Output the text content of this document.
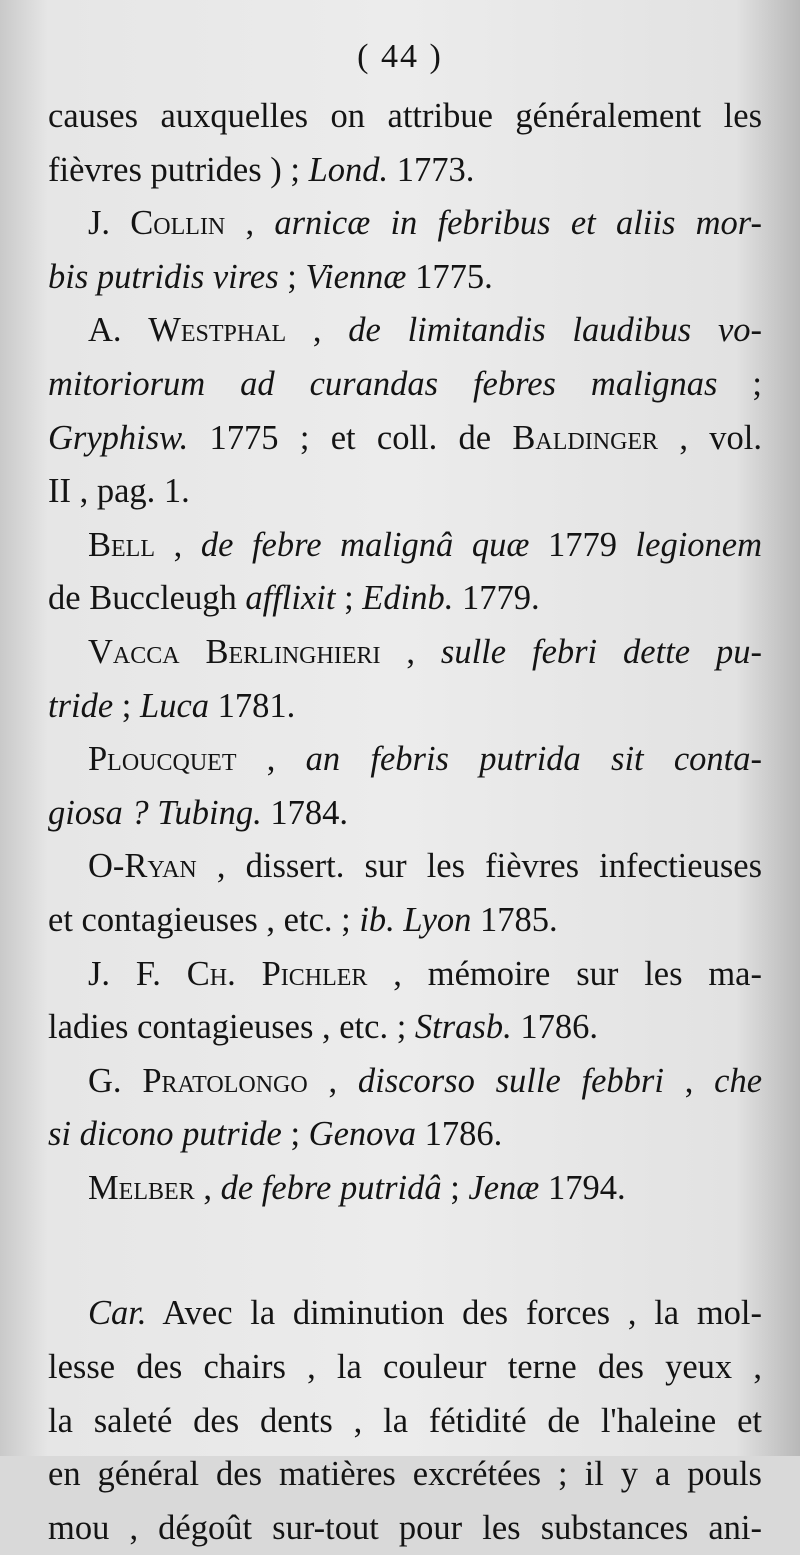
( 44 )
causes auxquelles on attribue généralement les
fièvres putrides ) ; Lond. 1773.
J. Collin , arnicæ in febribus et aliis mor-
bis putridis vires ; Viennæ 1775.
A. Westphal , de limitandis laudibus vo-
mitoriorum ad curandas febres malignas ;
Gryphisw. 1775 ; et coll. de Baldinger , vol.
II , pag. 1.
Bell , de febre malignâ quæ 1779 legionem
de Buccleugh afflixit ; Edinb. 1779.
Vacca Berlinghieri , sulle febri dette pu-
tride ; Luca 1781.
Ploucquet , an febris putrida sit conta-
giosa ? Tubing. 1784.
O-Ryan , dissert. sur les fièvres infectieuses
et contagieuses , etc. ; ib. Lyon 1785.
J. F. Ch. Pichler , mémoire sur les ma-
ladies contagieuses , etc. ; Strasb. 1786.
G. Pratolongo , discorso sulle febbri , che
si dicono putride ; Genova 1786.
Melber , de febre putridâ ; Jenæ 1794.
Car. Avec la diminution des forces , la mol-
lesse des chairs , la couleur terne des yeux ,
la saleté des dents , la fétidité de l'haleine et
en général des matières excrétées ; il y a pouls
mou , dégoût sur-tout pour les substances ani-
